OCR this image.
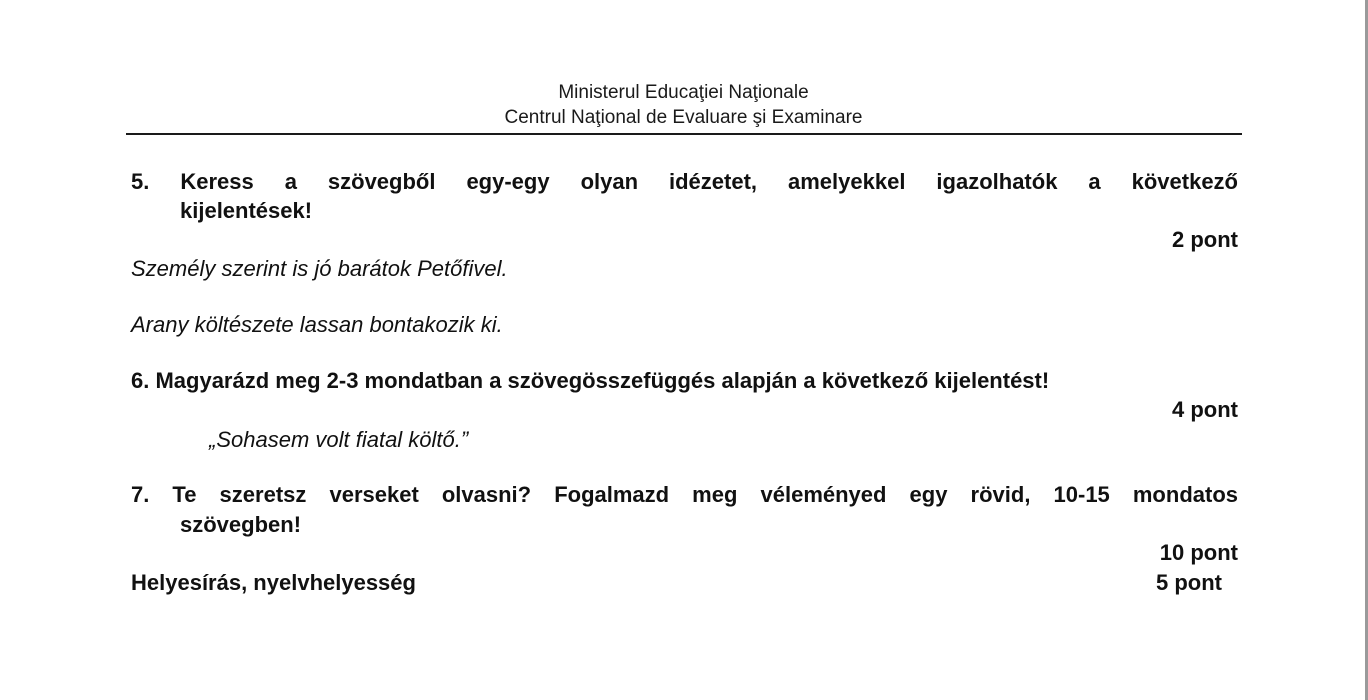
Ministerul Educaţiei Naţionale
Centrul Naţional de Evaluare şi Examinare
5. Keress a szövegből egy-egy olyan idézetet, amelyekkel igazolhatók a következő
kijelentések!
2 pont
Személy szerint is jó barátok Petőfivel.
Arany költészete lassan bontakozik ki.
6. Magyarázd meg 2-3 mondatban a szövegösszefüggés alapján a következő kijelentést!
4 pont
„Sohasem volt fiatal költő.”
7. Te szeretsz verseket olvasni? Fogalmazd meg véleményed egy rövid, 10-15 mondatos
szövegben!
10 pont
Helyesírás, nyelvhelyesség	5 pont
